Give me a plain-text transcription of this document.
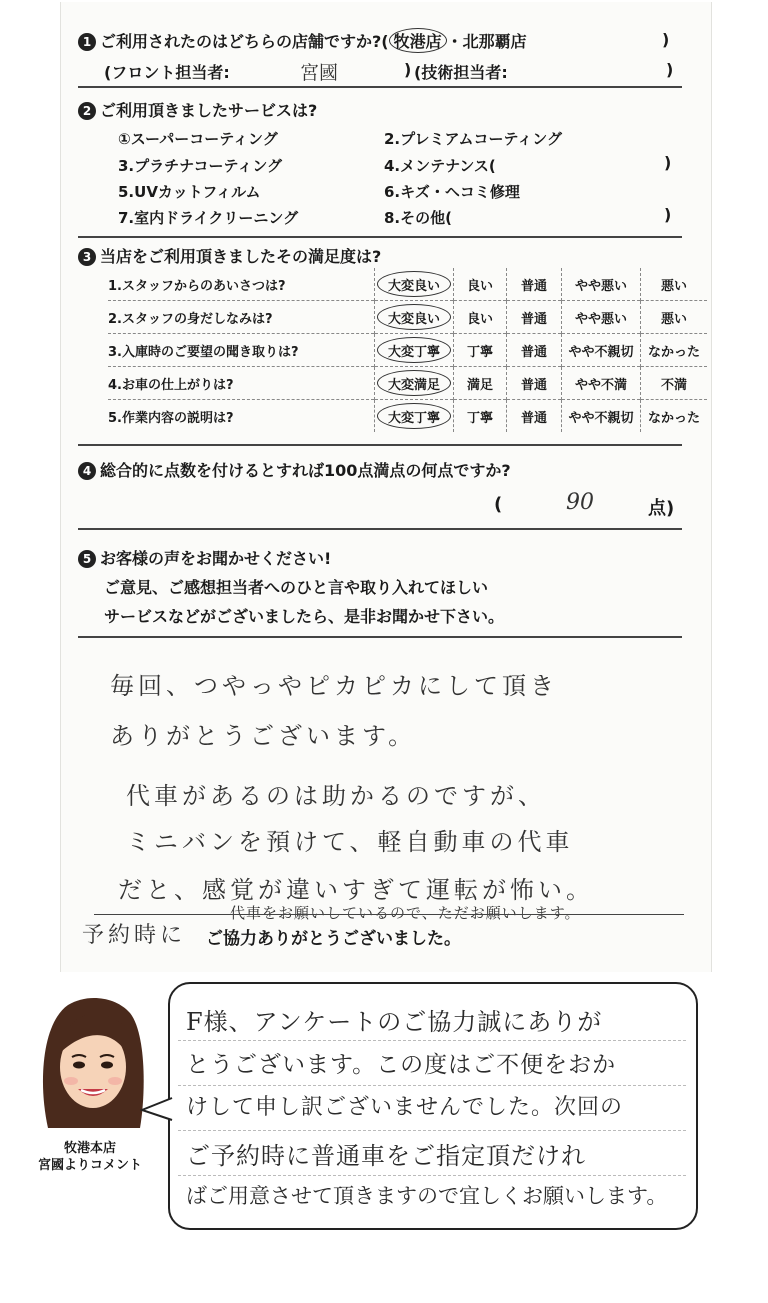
1 ご利用されたのはどちらの店舗ですか?( 牧港店 ・北那覇店	)
(フロント担当者:	宮國	) (技術担当者:	)
2 ご利用頂きましたサービスは?
①スーパーコーティング	2.プレミアムコーティング
3.プラチナコーティング	4.メンテナンス(	)
5.UVカットフィルム	6.キズ・ヘコミ修理
7.室内ドライクリーニング	8.その他(	)
3 当店をご利用頂きましたその満足度は?
1.スタッフからのあいさつは?	大変良い	良い	普通	やや悪い	悪い
2.スタッフの身だしなみは?	大変良い	良い	普通	やや悪い	悪い
3.入庫時のご要望の聞き取りは?	大変丁寧	丁寧	普通	やや不親切	なかった
4.お車の仕上がりは?	大変満足	満足	普通	やや不満	不満
5.作業内容の説明は?	大変丁寧	丁寧	普通	やや不親切	なかった
4 総合的に点数を付けるとすれば100点満点の何点ですか?
(	90	点)
5 お客様の声をお聞かせください!
ご意見、ご感想担当者へのひと言や取り入れてほしい
サービスなどがございましたら、是非お聞かせ下さい。
毎回、つやっやピカピカにして頂き
ありがとうございます。
代車があるのは助かるのですが、
ミニバンを預けて、軽自動車の代車
だと、感覚が違いすぎて運転が怖い。
予約時に
代車をお願いしているので、ただお願いします。
ご協力ありがとうございました。
牧港本店
宮國よりコメント
F様、アンケートのご協力誠にありが
とうございます。この度はご不便をおか
けして申し訳ございませんでした。次回の
ご予約時に普通車をご指定頂だけれ
ばご用意させて頂きますので宜しくお願いします。
